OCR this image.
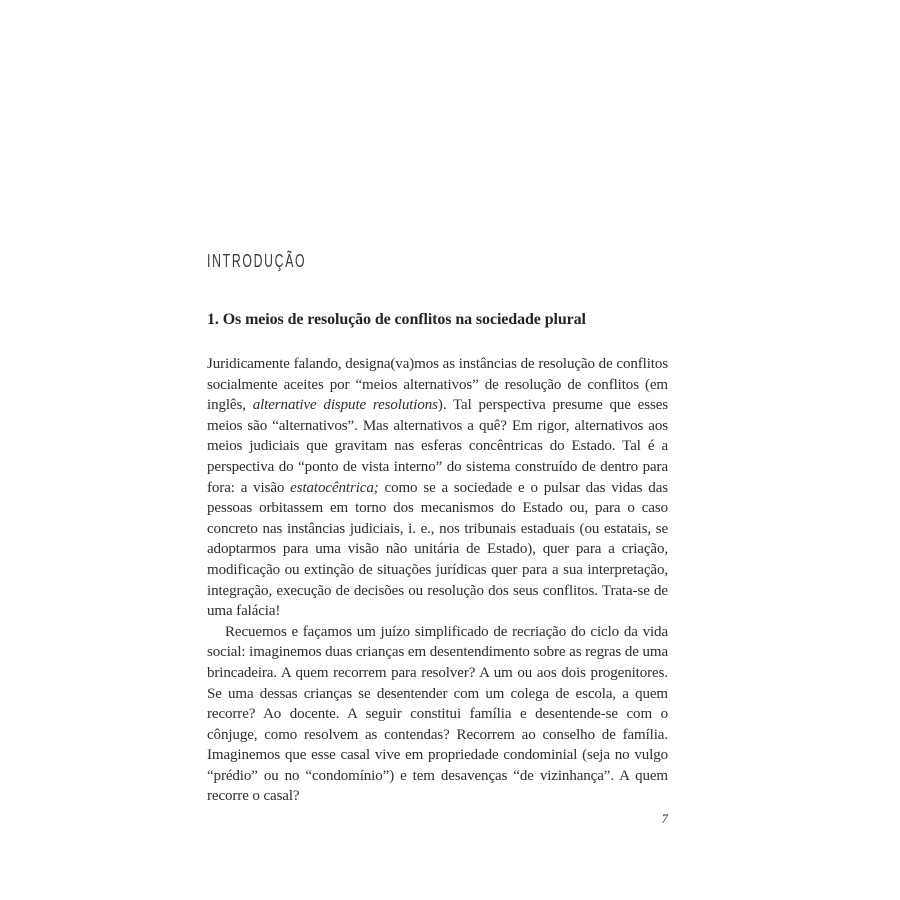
INTRODUÇÃO
1. Os meios de resolução de conflitos na sociedade plural

Juridicamente falando, designa(va)mos as instâncias de resolução de conflitos socialmente aceites por “meios alternativos” de resolução de conflitos (em inglês, alternative dispute resolutions). Tal perspectiva presume que esses meios são “alternativos”. Mas alternativos a quê? Em rigor, alternativos aos meios judiciais que gravitam nas esferas concêntricas do Estado. Tal é a perspectiva do “ponto de vista interno” do sistema construído de dentro para fora: a visão estatocêntrica; como se a sociedade e o pulsar das vidas das pessoas orbitassem em torno dos mecanismos do Estado ou, para o caso concreto nas instâncias judiciais, i. e., nos tribunais estaduais (ou estatais, se adoptarmos para uma visão não unitária de Estado), quer para a criação, modificação ou extinção de situações jurídicas quer para a sua interpretação, integração, execução de decisões ou resolução dos seus conflitos. Trata-se de uma falácia!

Recuemos e façamos um juízo simplificado de recriação do ciclo da vida social: imaginemos duas crianças em desentendimento sobre as regras de uma brincadeira. A quem recorrem para resolver? A um ou aos dois progenitores. Se uma dessas crianças se desentender com um colega de escola, a quem recorre? Ao docente. A seguir constitui família e desentende-se com o cônjuge, como resolvem as contendas? Recorrem ao conselho de família. Imaginemos que esse casal vive em propriedade condominial (seja no vulgo “prédio” ou no “condomínio”) e tem desavenças “de vizinhança”. A quem recorre o casal?

7
